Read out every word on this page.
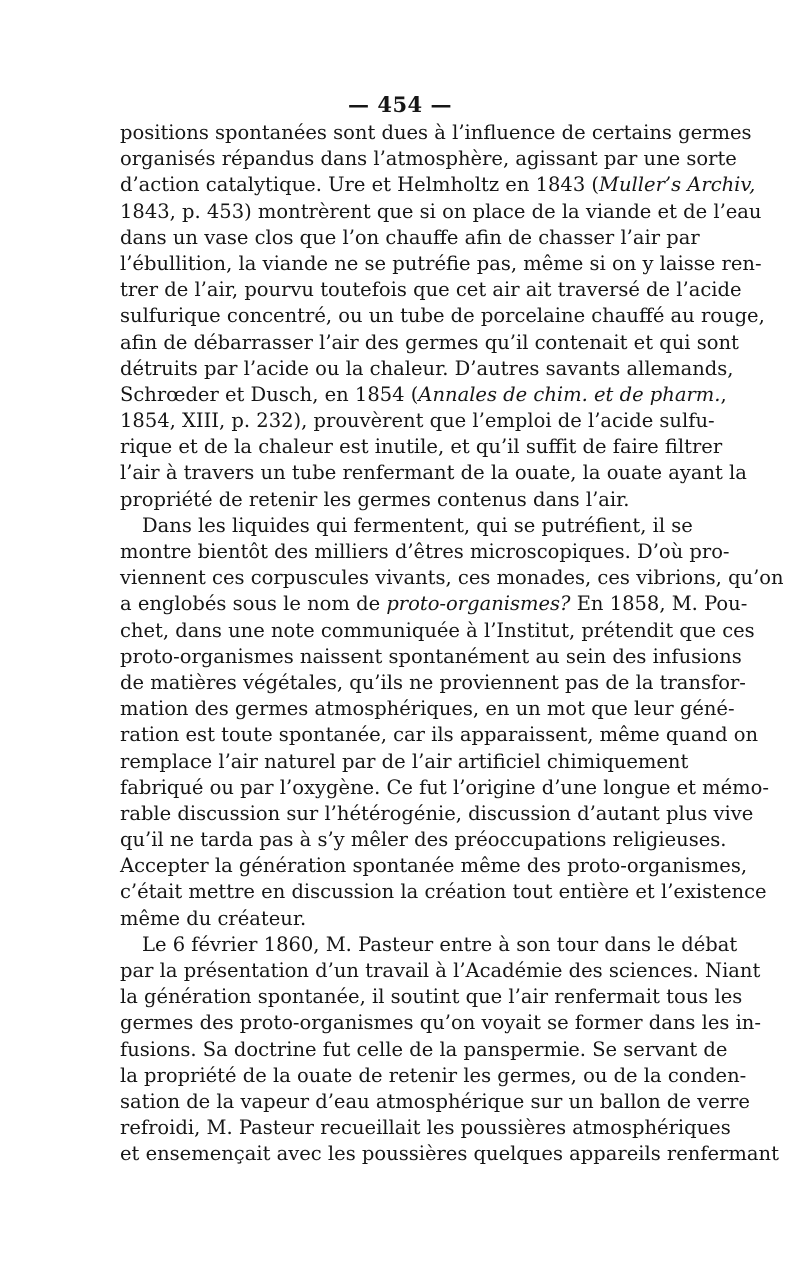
— 454 —
positions spontanées sont dues à l’influence de certains germes
organisés répandus dans l’atmosphère, agissant par une sorte
d’action catalytique. Ure et Helmholtz en 1843 (Muller’s Archiv,
1843, p. 453) montrèrent que si on place de la viande et de l’eau
dans un vase clos que l’on chauffe afin de chasser l’air par
l’ébullition, la viande ne se putréfie pas, même si on y laisse ren-
trer de l’air, pourvu toutefois que cet air ait traversé de l’acide
sulfurique concentré, ou un tube de porcelaine chauffé au rouge,
afin de débarrasser l’air des germes qu’il contenait et qui sont
détruits par l’acide ou la chaleur. D’autres savants allemands,
Schrœder et Dusch, en 1854 (Annales de chim. et de pharm.,
1854, XIII, p. 232), prouvèrent que l’emploi de l’acide sulfu-
rique et de la chaleur est inutile, et qu’il suffit de faire filtrer
l’air à travers un tube renfermant de la ouate, la ouate ayant la
propriété de retenir les germes contenus dans l’air.
Dans les liquides qui fermentent, qui se putréfient, il se
montre bientôt des milliers d’êtres microscopiques. D’où pro-
viennent ces corpuscules vivants, ces monades, ces vibrions, qu’on
a englobés sous le nom de proto-organismes? En 1858, M. Pou-
chet, dans une note communiquée à l’Institut, prétendit que ces
proto-organismes naissent spontanément au sein des infusions
de matières végétales, qu’ils ne proviennent pas de la transfor-
mation des germes atmosphériques, en un mot que leur géné-
ration est toute spontanée, car ils apparaissent, même quand on
remplace l’air naturel par de l’air artificiel chimiquement
fabriqué ou par l’oxygène. Ce fut l’origine d’une longue et mémo-
rable discussion sur l’hétérogénie, discussion d’autant plus vive
qu’il ne tarda pas à s’y mêler des préoccupations religieuses.
Accepter la génération spontanée même des proto-organismes,
c’était mettre en discussion la création tout entière et l’existence
même du créateur.
Le 6 février 1860, M. Pasteur entre à son tour dans le débat
par la présentation d’un travail à l’Académie des sciences. Niant
la génération spontanée, il soutint que l’air renfermait tous les
germes des proto-organismes qu’on voyait se former dans les in-
fusions. Sa doctrine fut celle de la panspermie. Se servant de
la propriété de la ouate de retenir les germes, ou de la conden-
sation de la vapeur d’eau atmosphérique sur un ballon de verre
refroidi, M. Pasteur recueillait les poussières atmosphériques
et ensemençait avec les poussières quelques appareils renfermant
